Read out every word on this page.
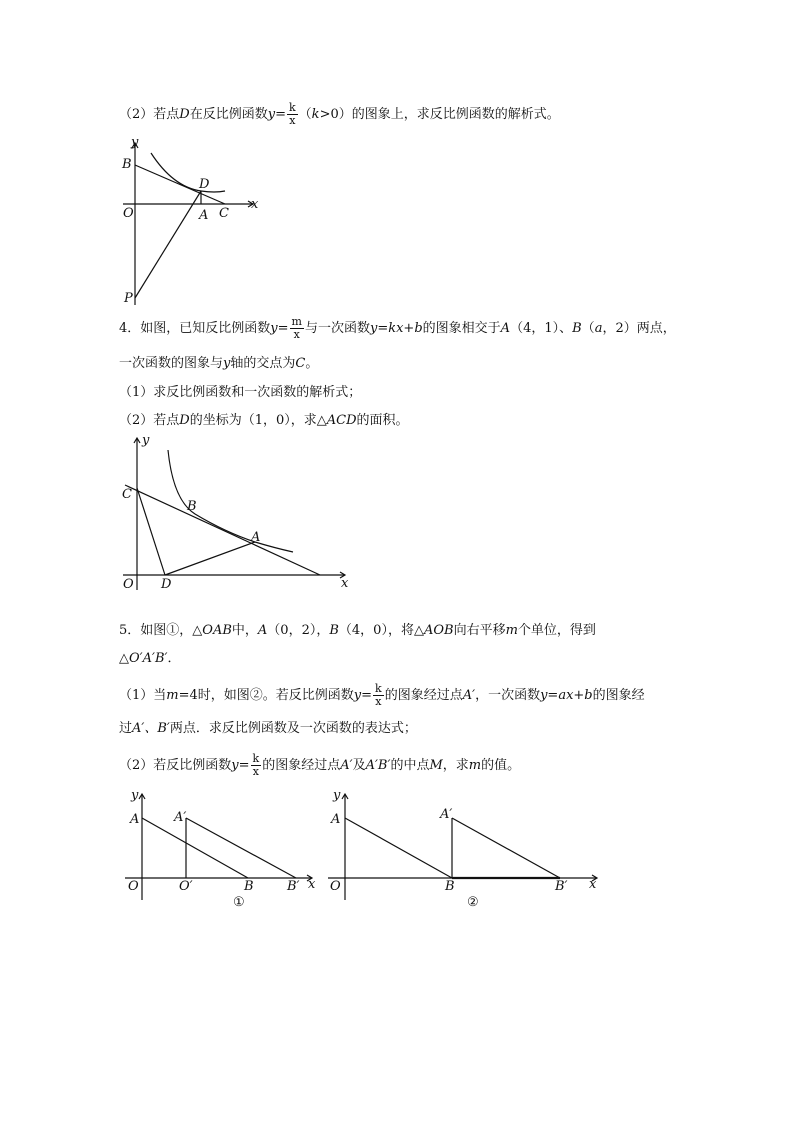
（2）若点D在反比例函数$y= \frac{k}{x} (k>0)$的图象上，求反比例函数的解析式。
y
x
B
D
O	A C
P
4．如图，已知反比例函数$y= \frac{m}{x}$ 与一次函数y=kx+b的图象相交于A（4，1）、B（a，2）两点，
一次函数的图象与y轴的交点为C。
（1）求反比例函数和一次函数的解析式；
（2）若点D的坐标为（1，0），求△ACD的面积。
y
x
C
B
A
O D
5．如图①，△OAB中，A（0，2），B（4，0），将△AOB向右平移m个单位，得到
△O′A′B′．
（1）当m=4时，如图②。若反比例函数$y= \frac{k}{x}$ 的图象经过点A′，一次函数y=ax+b的图象经
过A′、B′两点．求反比例函数及一次函数的表达式；
（2）若反比例函数$y= \frac{k}{x}$ 的图象经过点A′及A′B′的中点M，求m的值。
y
A	A′
O	O′	B	B′ x
①
y
A	A′
O	B	B′ x
②
